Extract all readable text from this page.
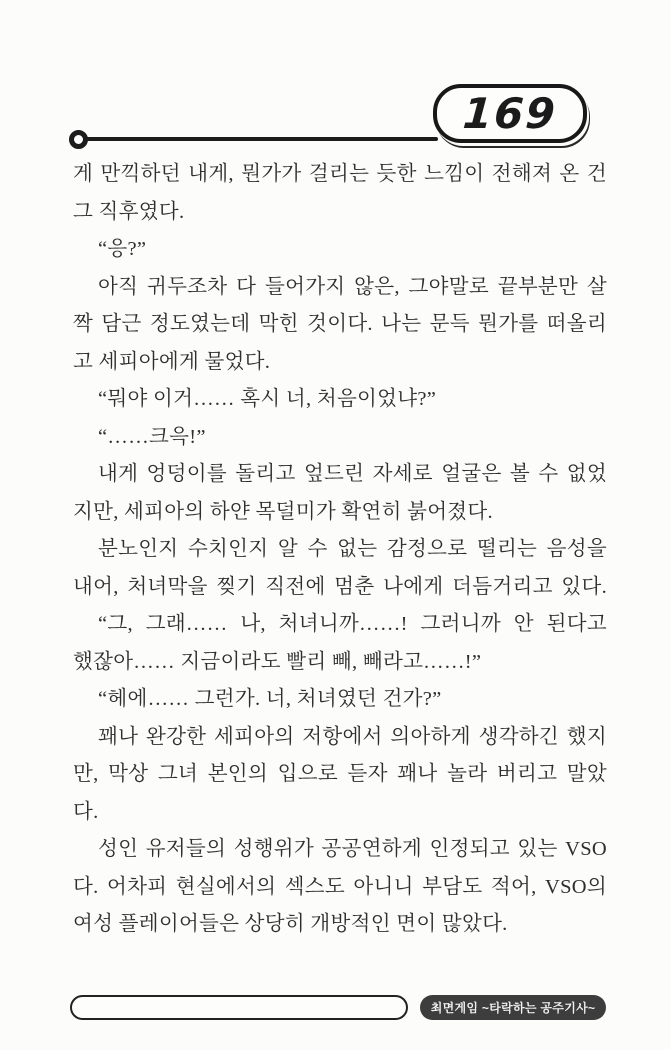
169
게 만끽하던 내게, 뭔가가 걸리는 듯한 느낌이 전해져 온 건
그 직후였다.
“응?”
아직 귀두조차 다 들어가지 않은, 그야말로 끝부분만 살
짝 담근 정도였는데 막힌 것이다. 나는 문득 뭔가를 떠올리
고 세피아에게 물었다.
“뭐야 이거…… 혹시 너, 처음이었냐?”
“……크윽!”
내게 엉덩이를 돌리고 엎드린 자세로 얼굴은 볼 수 없었
지만, 세피아의 하얀 목덜미가 확연히 붉어졌다.
분노인지 수치인지 알 수 없는 감정으로 떨리는 음성을
내어, 처녀막을 찢기 직전에 멈춘 나에게 더듬거리고 있다.
“그, 그래…… 나, 처녀니까……! 그러니까 안 된다고
했잖아…… 지금이라도 빨리 빼, 빼라고……!”
“헤에…… 그런가. 너, 처녀였던 건가?”
꽤나 완강한 세피아의 저항에서 의아하게 생각하긴 했지
만, 막상 그녀 본인의 입으로 듣자 꽤나 놀라 버리고 말았
다.
성인 유저들의 성행위가 공공연하게 인정되고 있는 VSO
다. 어차피 현실에서의 섹스도 아니니 부담도 적어, VSO의
여성 플레이어들은 상당히 개방적인 면이 많았다.
최면게임 ~타락하는 공주기사~
